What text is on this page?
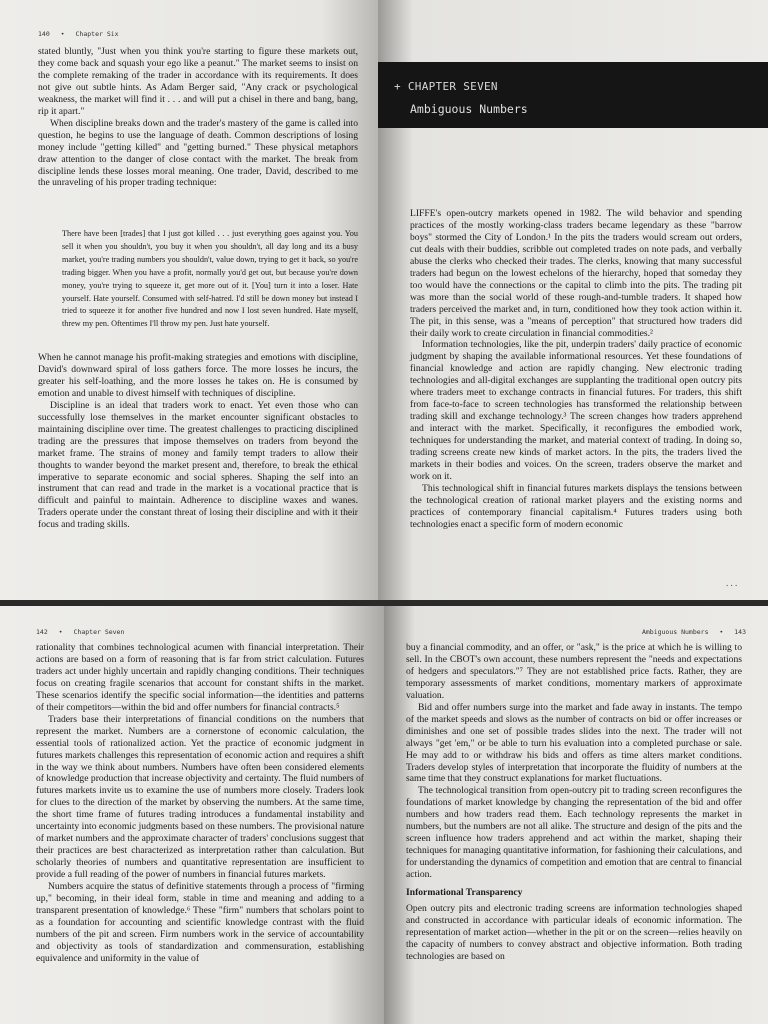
140 • Chapter Six

stated bluntly, "Just when you think you're starting to figure these markets out, they come back and squash your ego like a peanut." The market seems to insist on the complete remaking of the trader in accordance with its requirements. It does not give out subtle hints. As Adam Berger said, "Any crack or psychological weakness, the market will find it . . . and will put a chisel in there and bang, bang, rip it apart."

When discipline breaks down and the trader's mastery of the game is called into question, he begins to use the language of death. Common descriptions of losing money include "getting killed" and "getting burned." These physical metaphors draw attention to the danger of close contact with the market. The break from discipline lends these losses moral meaning. One trader, David, described to me the unraveling of his proper trading technique:

There have been [trades] that I just got killed . . . just everything goes against you. You sell it when you shouldn't, you buy it when you shouldn't, all day long and its a busy market, you're trading numbers you shouldn't, value down, trying to get it back, so you're trading bigger. When you have a profit, normally you'd get out, but because you're down money, you're trying to squeeze it, get more out of it. [You] turn it into a loser. Hate yourself. Hate yourself. Consumed with self-hatred. I'd still be down money but instead I tried to squeeze it for another five hundred and now I lost seven hundred. Hate myself, threw my pen. Oftentimes I'll throw my pen. Just hate yourself.

When he cannot manage his profit-making strategies and emotions with discipline, David's downward spiral of loss gathers force. The more losses he incurs, the greater his self-loathing, and the more losses he takes on. He is consumed by emotion and unable to divest himself with techniques of discipline.

Discipline is an ideal that traders work to enact. Yet even those who can successfully lose themselves in the market encounter significant obstacles to maintaining discipline over time. The greatest challenges to practicing disciplined trading are the pressures that impose themselves on traders from beyond the market frame. The strains of money and family tempt traders to allow their thoughts to wander beyond the market present and, therefore, to break the ethical imperative to separate economic and social spheres. Shaping the self into an instrument that can read and trade in the market is a vocational practice that is difficult and painful to maintain. Adherence to discipline waxes and wanes. Traders operate under the constant threat of losing their discipline and with it their focus and trading skills.

LIFFE's open-outcry markets opened in 1982. The wild behavior and spending practices of the mostly working-class traders became legendary as these "barrow boys" stormed the City of London.¹ In the pits the traders would scream out orders, cut deals with their buddies, scribble out completed trades on note pads, and verbally abuse the clerks who checked their trades. The clerks, knowing that many successful traders had begun on the lowest echelons of the hierarchy, hoped that someday they too would have the connections or the capital to climb into the pits. The trading pit was more than the social world of these rough-and-tumble traders. It shaped how traders perceived the market and, in turn, conditioned how they took action within it. The pit, in this sense, was a "means of perception" that structured how traders did their daily work to create circulation in financial commodities.²

Information technologies, like the pit, underpin traders' daily practice of economic judgment by shaping the available informational resources. Yet these foundations of financial knowledge and action are rapidly changing. New electronic trading technologies and all-digital exchanges are supplanting the traditional open outcry pits where traders meet to exchange contracts in financial futures. For traders, this shift from face-to-face to screen technologies has transformed the relationship between trading skill and exchange technology.³ The screen changes how traders apprehend and interact with the market. Specifically, it reconfigures the embodied work, techniques for understanding the market, and material context of trading. In doing so, trading screens create new kinds of market actors. In the pits, the traders lived the markets in their bodies and voices. On the screen, traders observe the market and work on it.

This technological shift in financial futures markets displays the tensions between the technological creation of rational market players and the existing norms and practices of contemporary financial capitalism.⁴ Futures traders using both technologies enact a specific form of modern economic

. . .
+ CHAPTER SEVEN
Ambiguous Numbers
142 • Chapter Seven

rationality that combines technological acumen with financial interpretation. Their actions are based on a form of reasoning that is far from strict calculation. Futures traders act under highly uncertain and rapidly changing conditions. Their techniques focus on creating fragile scenarios that account for constant shifts in the market. These scenarios identify the specific social information—the identities and patterns of their competitors—within the bid and offer numbers for financial contracts.⁵

Traders base their interpretations of financial conditions on the numbers that represent the market. Numbers are a cornerstone of economic calculation, the essential tools of rationalized action. Yet the practice of economic judgment in futures markets challenges this representation of economic action and requires a shift in the way we think about numbers. Numbers have often been considered elements of knowledge production that increase objectivity and certainty. The fluid numbers of futures markets invite us to examine the use of numbers more closely. Traders look for clues to the direction of the market by observing the numbers. At the same time, the short time frame of futures trading introduces a fundamental instability and uncertainty into economic judgments based on these numbers. The provisional nature of market numbers and the approximate character of traders' conclusions suggest that their practices are best characterized as interpretation rather than calculation. But scholarly theories of numbers and quantitative representation are insufficient to provide a full reading of the power of numbers in financial futures markets.

Numbers acquire the status of definitive statements through a process of "firming up," becoming, in their ideal form, stable in time and meaning and adding to a transparent presentation of knowledge.⁶ These "firm" numbers that scholars point to as a foundation for accounting and scientific knowledge contrast with the fluid numbers of the pit and screen. Firm numbers work in the service of accountability and objectivity as tools of standardization and commensuration, establishing equivalence and uniformity in the value of

Ambiguous Numbers • 143

buy a financial commodity, and an offer, or "ask," is the price at which he is willing to sell. In the CBOT's own account, these numbers represent the "needs and expectations of hedgers and speculators."⁷ They are not established price facts. Rather, they are temporary assessments of market conditions, momentary markers of approximate valuation.

Bid and offer numbers surge into the market and fade away in instants. The tempo of the market speeds and slows as the number of contracts on bid or offer increases or diminishes and one set of possible trades slides into the next. The trader will not always "get 'em," or be able to turn his evaluation into a completed purchase or sale. He may add to or withdraw his bids and offers as time alters market conditions. Traders develop styles of interpretation that incorporate the fluidity of numbers at the same time that they construct explanations for market fluctuations.

The technological transition from open-outcry pit to trading screen reconfigures the foundations of market knowledge by changing the representation of the bid and offer numbers and how traders read them. Each technology represents the market in numbers, but the numbers are not all alike. The structure and design of the pits and the screen influence how traders apprehend and act within the market, shaping their techniques for managing quantitative information, for fashioning their calculations, and for understanding the dynamics of competition and emotion that are central to financial action.

Informational Transparency

Open outcry pits and electronic trading screens are information technologies shaped and constructed in accordance with particular ideals of economic information. The representation of market action—whether in the pit or on the screen—relies heavily on the capacity of numbers to convey abstract and objective information. Both trading technologies are based on
